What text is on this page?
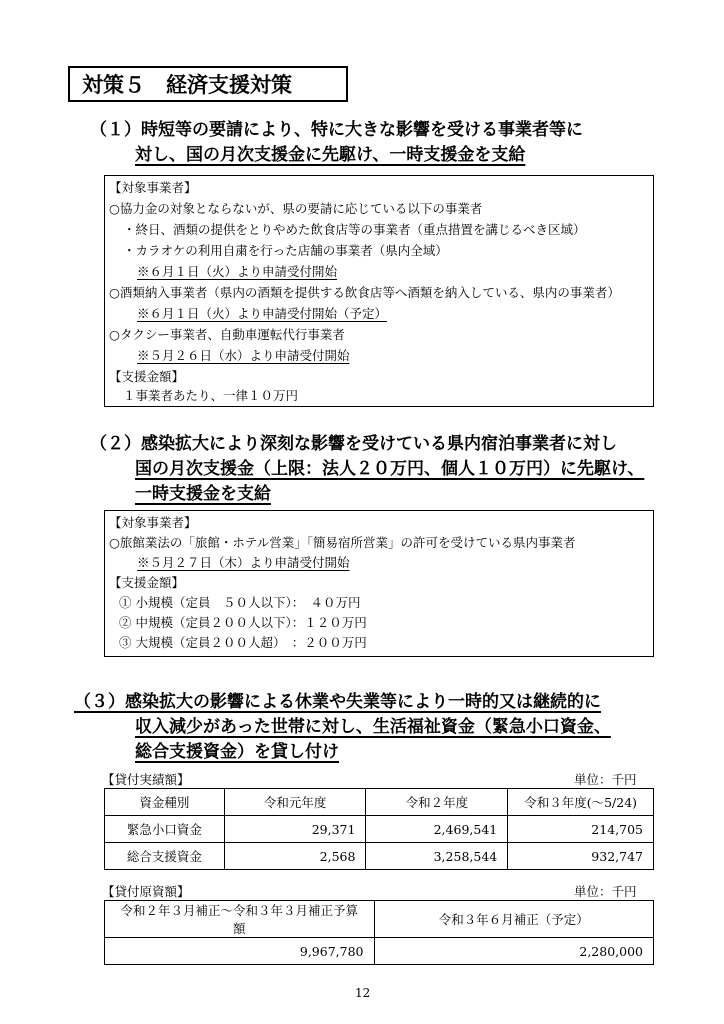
対策５　経済支援対策
（１）時短等の要請により、特に大きな影響を受ける事業者等に
対し、国の月次支援金に先駆け、一時支援金を支給
【対象事業者】
○協力金の対象とならないが、県の要請に応じている以下の事業者
・終日、酒類の提供をとりやめた飲食店等の事業者（重点措置を講じるべき区域）
・カラオケの利用自粛を行った店舗の事業者（県内全域）
※６月１日（火）より申請受付開始
○酒類納入事業者（県内の酒類を提供する飲食店等へ酒類を納入している、県内の事業者）
※６月１日（火）より申請受付開始（予定）
○タクシー事業者、自動車運転代行事業者
※５月２６日（水）より申請受付開始
【支援金額】
１事業者あたり、一律１０万円
（２）感染拡大により深刻な影響を受けている県内宿泊事業者に対し
国の月次支援金（上限：法人２０万円、個人１０万円）に先駆け、
一時支援金を支給
【対象事業者】
○旅館業法の「旅館・ホテル営業」「簡易宿所営業」の許可を受けている県内事業者
※５月２７日（木）より申請受付開始
【支援金額】
① 小規模（定員　５０人以下）：　４０万円
② 中規模（定員２００人以下）：１２０万円
③ 大規模（定員２００人超）　：２００万円
（３）感染拡大の影響による休業や失業等により一時的又は継続的に
収入減少があった世帯に対し、生活福祉資金（緊急小口資金、
総合支援資金）を貸し付け
【貸付実績額】	単位：千円
資金種別	令和元年度	令和２年度	令和３年度(～5/24)
緊急小口資金	29,371	2,469,541	214,705
総合支援資金	2,568	3,258,544	932,747
【貸付原資額】	単位：千円
令和２年３月補正～令和３年３月補正予算額	令和３年６月補正（予定）
9,967,780	2,280,000
12
